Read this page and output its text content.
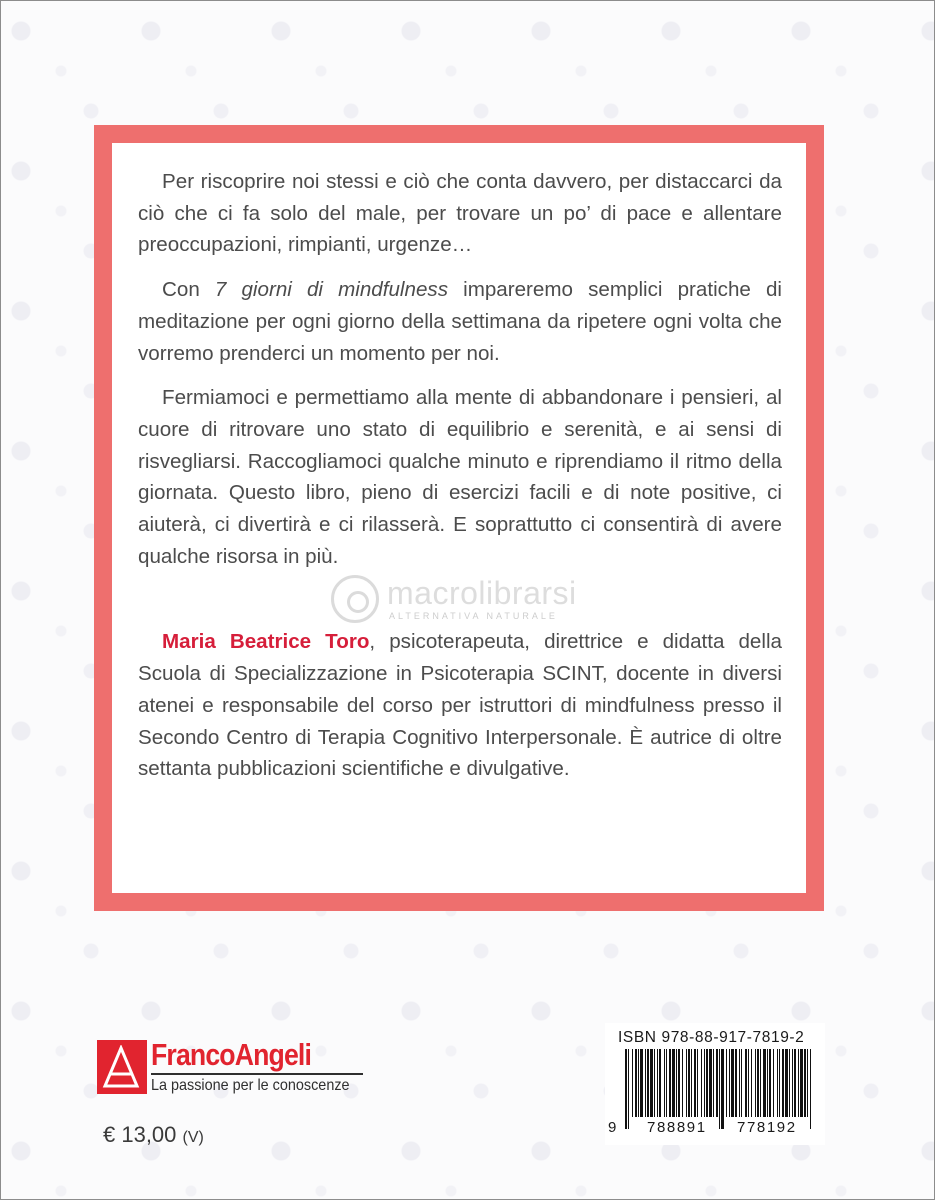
Per riscoprire noi stessi e ciò che conta davvero, per distaccarci da ciò che ci fa solo del male, per trovare un po’ di pace e allentare preoccupazioni, rimpianti, urgenze…

Con 7 giorni di mindfulness impareremo semplici pratiche di meditazione per ogni giorno della settimana da ripetere ogni volta che vorremo prenderci un momento per noi.

Fermiamoci e permettiamo alla mente di abbandonare i pensieri, al cuore di ritrovare uno stato di equilibrio e serenità, e ai sensi di risvegliarsi. Raccogliamoci qualche minuto e riprendiamo il ritmo della giornata. Questo libro, pieno di esercizi facili e di note positive, ci aiuterà, ci divertirà e ci rilasserà. E soprattutto ci consentirà di avere qualche risorsa in più.

Maria Beatrice Toro, psicoterapeuta, direttrice e didatta della Scuola di Specializzazione in Psicoterapia SCINT, docente in diversi atenei e responsabile del corso per istruttori di mindfulness presso il Secondo Centro di Terapia Cognitivo Interpersonale. È autrice di oltre settanta pubblicazioni scientifiche e divulgative.

macrolibrarsi
ALTERNATIVA NATURALE
FrancoAngeli
La passione per le conoscenze
€ 13,00 (V)
ISBN 978-88-917-7819-2
9 788891 778192
